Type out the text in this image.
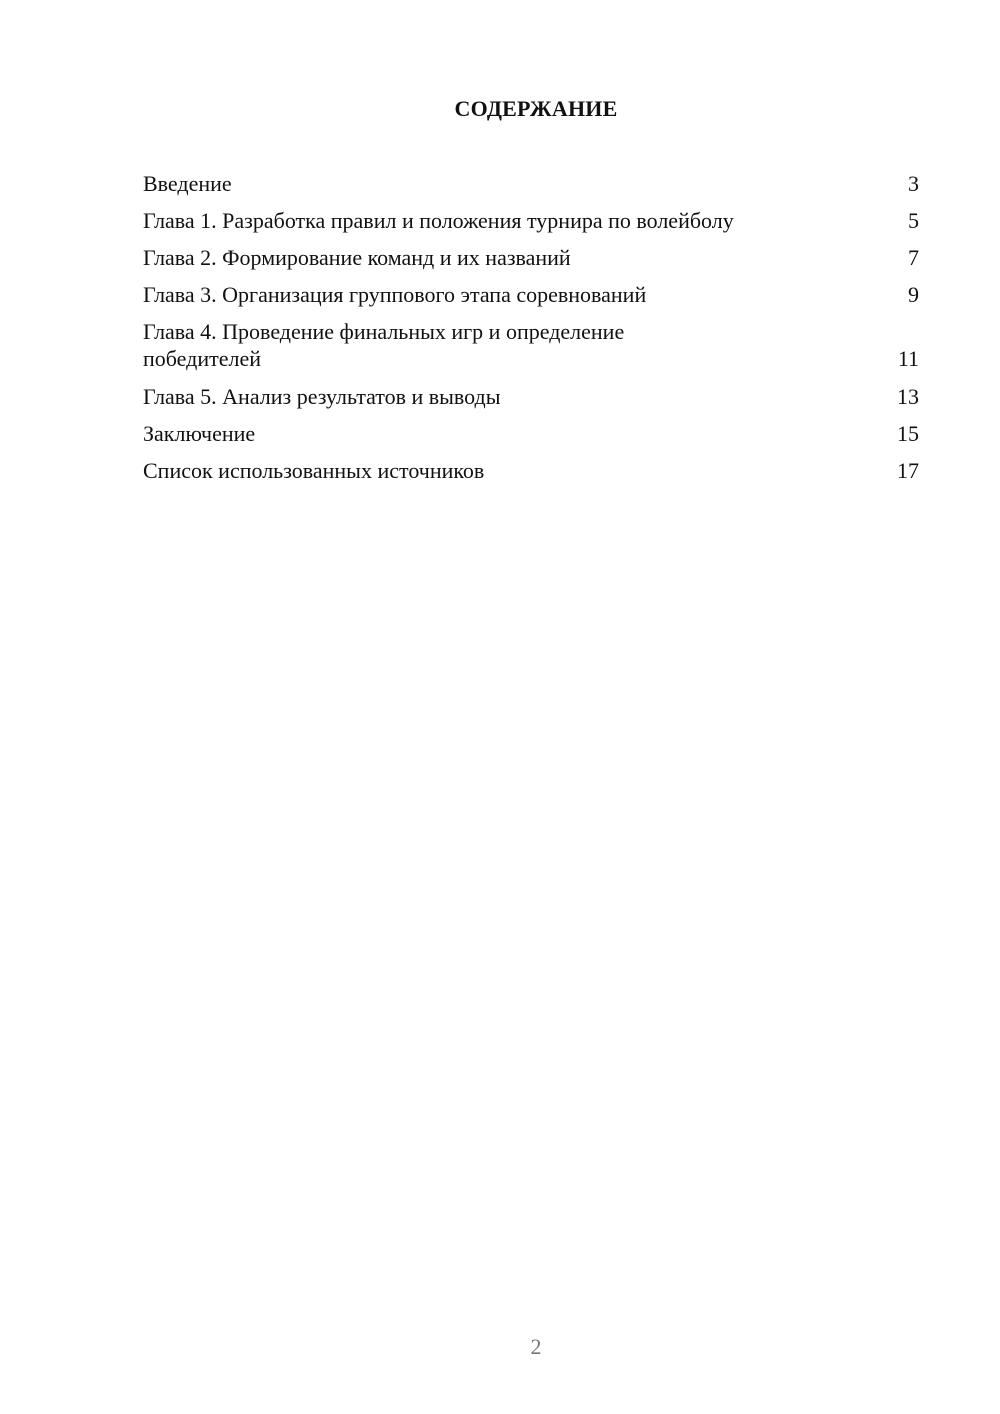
СОДЕРЖАНИЕ
Введение	3
Глава 1. Разработка правил и положения турнира по волейболу	5
Глава 2. Формирование команд и их названий	7
Глава 3. Организация группового этапа соревнований	9
Глава 4. Проведение финальных игр и определение победителей	11
Глава 5. Анализ результатов и выводы	13
Заключение	15
Список использованных источников	17
2
